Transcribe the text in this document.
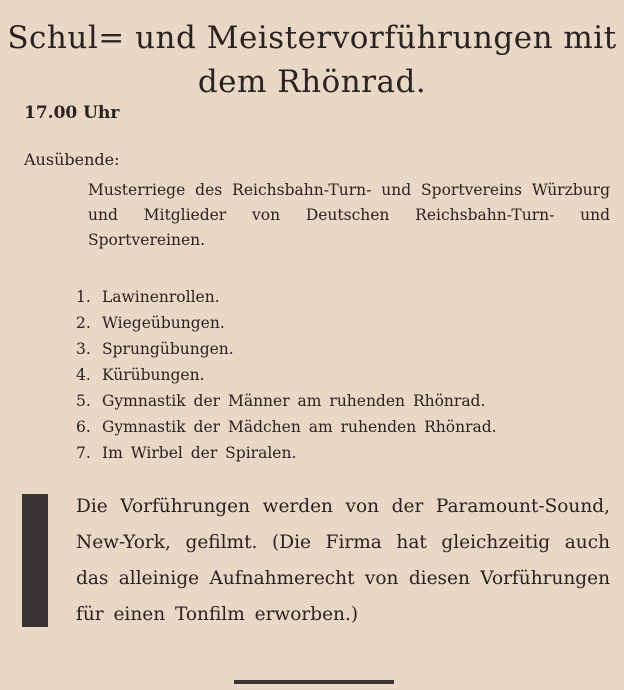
Schul= und Meistervorführungen mit
dem Rhönrad.
17.00 Uhr
Ausübende:
Musterriege des Reichsbahn-Turn- und Sportvereins Würzburg und Mitglieder von Deutschen Reichsbahn-Turn- und Sportvereinen.
1. Lawinenrollen.
2. Wiegeübungen.
3. Sprungübungen.
4. Kürübungen.
5. Gymnastik der Männer am ruhenden Rhönrad.
6. Gymnastik der Mädchen am ruhenden Rhönrad.
7. Im Wirbel der Spiralen.
Die Vorführungen werden von der Paramount-Sound, New-York, gefilmt. (Die Firma hat gleichzeitig auch das alleinige Aufnahmerecht von diesen Vorführungen für einen Tonfilm erworben.)
